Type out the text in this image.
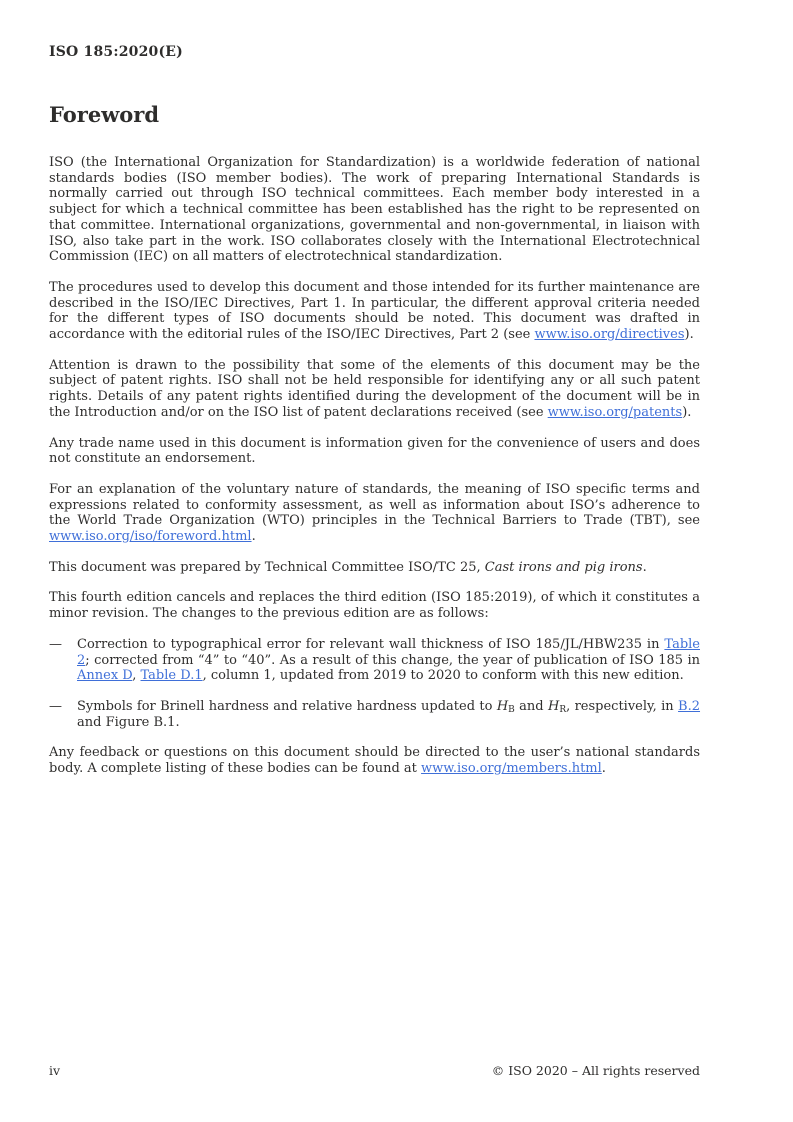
ISO 185:2020(E)
Foreword

ISO (the International Organization for Standardization) is a worldwide federation of national standards bodies (ISO member bodies). The work of preparing International Standards is normally carried out through ISO technical committees. Each member body interested in a subject for which a technical committee has been established has the right to be represented on that committee. International organizations, governmental and non-governmental, in liaison with ISO, also take part in the work. ISO collaborates closely with the International Electrotechnical Commission (IEC) on all matters of electrotechnical standardization.

The procedures used to develop this document and those intended for its further maintenance are described in the ISO/IEC Directives, Part 1. In particular, the different approval criteria needed for the different types of ISO documents should be noted. This document was drafted in accordance with the editorial rules of the ISO/IEC Directives, Part 2 (see www.iso.org/directives).

Attention is drawn to the possibility that some of the elements of this document may be the subject of patent rights. ISO shall not be held responsible for identifying any or all such patent rights. Details of any patent rights identified during the development of the document will be in the Introduction and/or on the ISO list of patent declarations received (see www.iso.org/patents).

Any trade name used in this document is information given for the convenience of users and does not constitute an endorsement.

For an explanation of the voluntary nature of standards, the meaning of ISO specific terms and expressions related to conformity assessment, as well as information about ISO’s adherence to the World Trade Organization (WTO) principles in the Technical Barriers to Trade (TBT), see www.iso.org/iso/foreword.html.

This document was prepared by Technical Committee ISO/TC 25, Cast irons and pig irons.

This fourth edition cancels and replaces the third edition (ISO 185:2019), of which it constitutes a minor revision. The changes to the previous edition are as follows:

—	Correction to typographical error for relevant wall thickness of ISO 185/JL/HBW235 in Table 2; corrected from “4” to “40”. As a result of this change, the year of publication of ISO 185 in Annex D, Table D.1, column 1, updated from 2019 to 2020 to conform with this new edition.
—	Symbols for Brinell hardness and relative hardness updated to $H_B$ and $H_R$, respectively, in B.2 and Figure B.1.

Any feedback or questions on this document should be directed to the user’s national standards body. A complete listing of these bodies can be found at www.iso.org/members.html.

iv	© ISO 2020 – All rights reserved
